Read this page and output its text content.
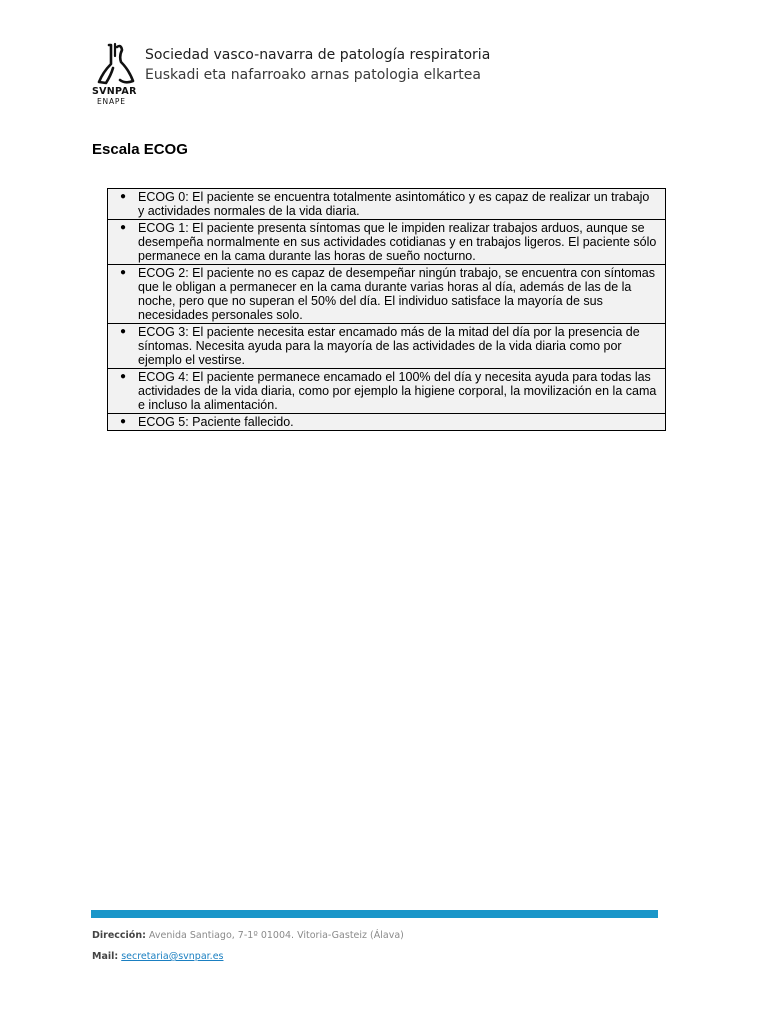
SVNPAR
ENAPE
Sociedad vasco-navarra de patología respiratoria
Euskadi eta nafarroako arnas patologia elkartea
Escala ECOG
● ECOG 0: El paciente se encuentra totalmente asintomático y es capaz de realizar un trabajo y actividades normales de la vida diaria.

● ECOG 1: El paciente presenta síntomas que le impiden realizar trabajos arduos, aunque se desempeña normalmente en sus actividades cotidianas y en trabajos ligeros. El paciente sólo permanece en la cama durante las horas de sueño nocturno.

● ECOG 2: El paciente no es capaz de desempeñar ningún trabajo, se encuentra con síntomas que le obligan a permanecer en la cama durante varias horas al día, además de las de la noche, pero que no superan el 50% del día. El individuo satisface la mayoría de sus necesidades personales solo.

● ECOG 3: El paciente necesita estar encamado más de la mitad del día por la presencia de síntomas. Necesita ayuda para la mayoría de las actividades de la vida diaria como por ejemplo el vestirse.

● ECOG 4: El paciente permanece encamado el 100% del día y necesita ayuda para todas las actividades de la vida diaria, como por ejemplo la higiene corporal, la movilización en la cama e incluso la alimentación.

● ECOG 5: Paciente fallecido.
Dirección: Avenida Santiago, 7-1º 01004. Vitoria-Gasteiz (Álava)
Mail: secretaria@svnpar.es
